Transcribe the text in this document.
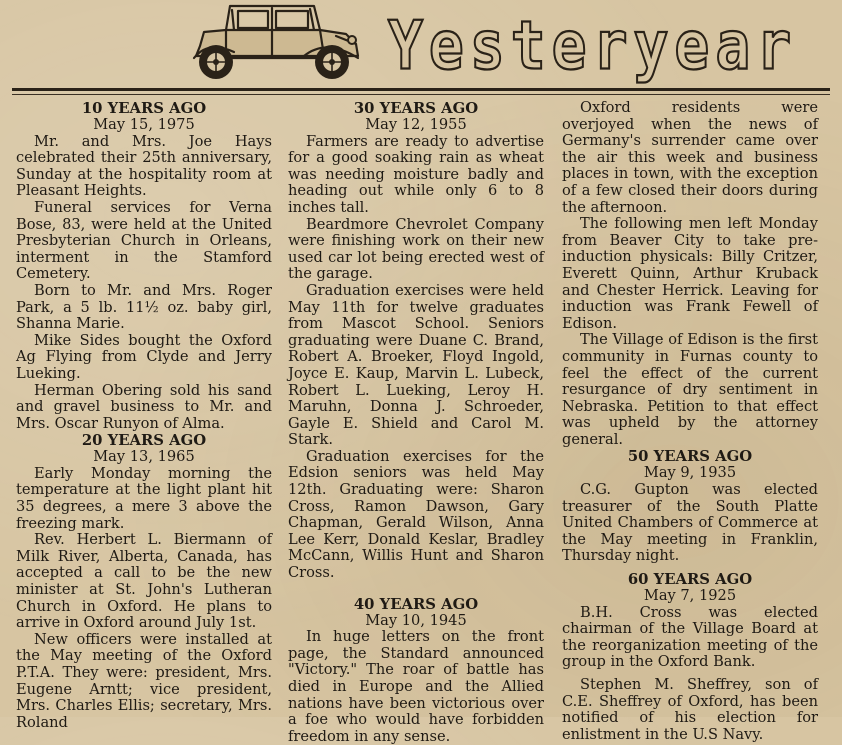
Yesteryear

10 YEARS AGO

May 15, 1975

Mr. and Mrs. Joe Hays celebrated their 25th anniversary, Sunday at the hospitality room at Pleasant Heights.

Funeral services for Verna Bose, 83, were held at the United Presbyterian Church in Orleans, interment in the Stamford Cemetery.

Born to Mr. and Mrs. Roger Park, a 5 lb. 11½ oz. baby girl, Shanna Marie.

Mike Sides bought the Oxford Ag Flying from Clyde and Jerry Lueking.

Herman Obering sold his sand and gravel business to Mr. and Mrs. Oscar Runyon of Alma.

20 YEARS AGO

May 13, 1965

Early Monday morning the temperature at the light plant hit 35 degrees, a mere 3 above the freezing mark.

Rev. Herbert L. Biermann of Milk River, Alberta, Canada, has accepted a call to be the new minister at St. John's Lutheran Church in Oxford. He plans to arrive in Oxford around July 1st.

New officers were installed at the May meeting of the Oxford P.T.A. They were: president, Mrs. Eugene Arntt; vice president, Mrs. Charles Ellis; secretary, Mrs. Roland

30 YEARS AGO

May 12, 1955

Farmers are ready to advertise for a good soaking rain as wheat was needing moisture badly and heading out while only 6 to 8 inches tall.

Beardmore Chevrolet Company were finishing work on their new used car lot being erected west of the garage.

Graduation exercises were held May 11th for twelve graduates from Mascot School. Seniors graduating were Duane C. Brand, Robert A. Broeker, Floyd Ingold, Joyce E. Kaup, Marvin L. Lubeck, Robert L. Lueking, Leroy H. Maruhn, Donna J. Schroeder, Gayle E. Shield and Carol M. Stark.

Graduation exercises for the Edsion seniors was held May 12th. Graduating were: Sharon Cross, Ramon Dawson, Gary Chapman, Gerald Wilson, Anna Lee Kerr, Donald Keslar, Bradley McCann, Willis Hunt and Sharon Cross.

40 YEARS AGO

May 10, 1945

In huge letters on the front page, the Standard announced "Victory." The roar of battle has died in Europe and the Allied nations have been victorious over a foe who would have forbidden freedom in any sense.

Oxford residents were overjoyed when the news of Germany's surrender came over the air this week and business places in town, with the exception of a few closed their doors during the afternoon.

The following men left Monday from Beaver City to take pre-induction physicals: Billy Critzer, Everett Quinn, Arthur Kruback and Chester Herrick. Leaving for induction was Frank Fewell of Edison.

The Village of Edison is the first community in Furnas county to feel the effect of the current resurgance of dry sentiment in Nebraska. Petition to that effect was upheld by the attorney general.

50 YEARS AGO

May 9, 1935

C.G. Gupton was elected treasurer of the South Platte United Chambers of Commerce at the May meeting in Franklin, Thursday night.

60 YEARS AGO

May 7, 1925

B.H. Cross was elected chairman of the Village Board at the reorganization meeting of the group in the Oxford Bank.

Stephen M. Sheffrey, son of C.E. Sheffrey of Oxford, has been notified of his election for enlistment in the U.S Navy.
